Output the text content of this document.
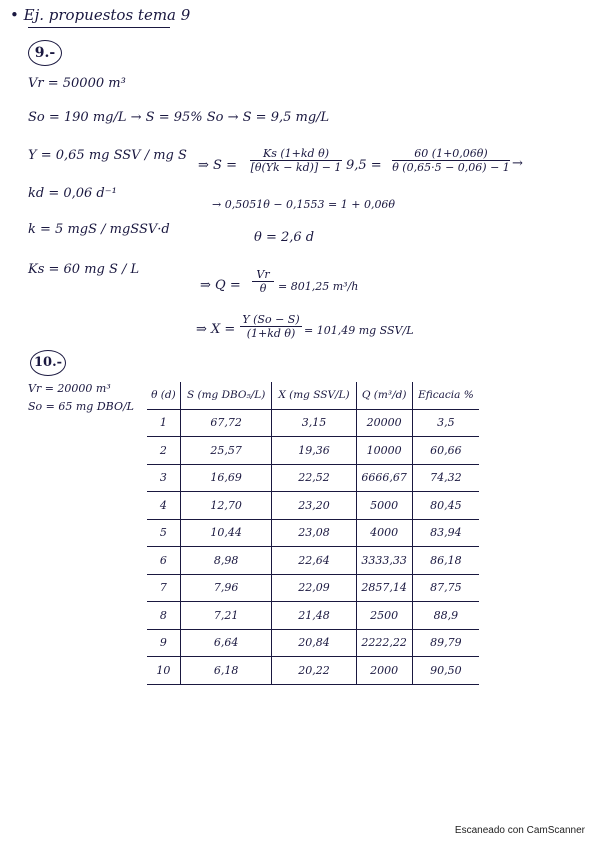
• Ej. propuestos tema 9
9.-
Vr = 50000 m³
So = 190 mg/L → S = 95% So → S = 9,5 mg/L
Y = 0,65 mg SSV / mg S
kd = 0,06 d⁻¹
k = 5 mgS / mgSSV·d
Ks = 60 mg S / L
⇒ $S = \frac{\text{Ks (1+kd θ)}}{[\theta(Yk - kd)] - 1} 9,5 = \frac{60 (1+0,06\theta)}{\theta (0,65\cdot 5 - 0,06) - 1}$ →
→ 0,5051θ − 0,1553 = 1 + 0,06θ
θ = 2,6 d
⇒ $Q = \frac{Vr}{\theta} = 801,25$ m³/h
⇒ $X = \frac{Y (So - S)}{\text{(1+kd θ)}} = 101,49$ mg SSV/L
10.-
Vr = 20000 m³
So = 65 mg DBO/L
θ (d)	S (mg DBO₅/L)	X (mg SSV/L)	Q (m³/d)	Eficacia %
1	67,72	3,15	20000	3,5
2	25,57	19,36	10000	60,66
3	16,69	22,52	6666,67	74,32
4	12,70	23,20	5000	80,45
5	10,44	23,08	4000	83,94
6	8,98	22,64	3333,33	86,18
7	7,96	22,09	2857,14	87,75
8	7,21	21,48	2500	88,9
9	6,64	20,84	2222,22	89,79
10	6,18	20,22	2000	90,50
Escaneado con CamScanner
